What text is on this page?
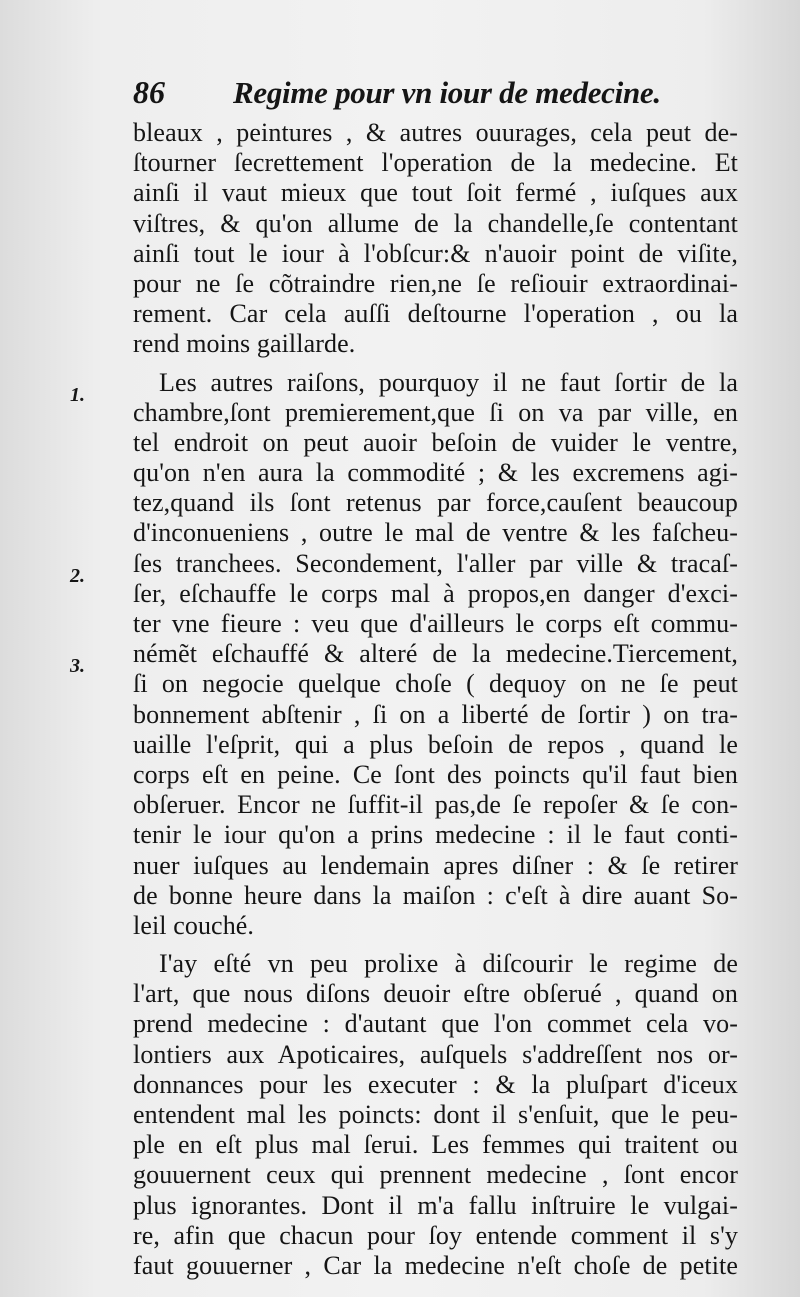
86	Regime pour vn iour de medecine.
1.
2.
3.
bleaux , peintures , & autres ouurages, cela peut de-
ſtourner ſecrettement l'operation de la medecine. Et
ainſi il vaut mieux que tout ſoit fermé , iuſques aux
viſtres, & qu'on allume de la chandelle,ſe contentant
ainſi tout le iour à l'obſcur:& n'auoir point de viſite,
pour ne ſe cõtraindre rien,ne ſe reſiouir extraordinai-
rement. Car cela auſſi deſtourne l'operation , ou la
rend moins gaillarde.
Les autres raiſons, pourquoy il ne faut ſortir de la
chambre,ſont premierement,que ſi on va par ville, en
tel endroit on peut auoir beſoin de vuider le ventre,
qu'on n'en aura la commodité ; & les excremens agi-
tez,quand ils ſont retenus par force,cauſent beaucoup
d'inconueniens , outre le mal de ventre & les faſcheu-
ſes tranchees. Secondement, l'aller par ville & tracaſ-
ſer, eſchauffe le corps mal à propos,en danger d'exci-
ter vne fieure : veu que d'ailleurs le corps eſt commu-
némẽt eſchauffé & alteré de la medecine.Tiercement,
ſi on negocie quelque choſe ( dequoy on ne ſe peut
bonnement abſtenir , ſi on a liberté de ſortir ) on tra-
uaille l'eſprit, qui a plus beſoin de repos , quand le
corps eſt en peine. Ce ſont des poincts qu'il faut bien
obſeruer. Encor ne ſuffit-il pas,de ſe repoſer & ſe con-
tenir le iour qu'on a prins medecine : il le faut conti-
nuer iuſques au lendemain apres diſner : & ſe retirer
de bonne heure dans la maiſon : c'eſt à dire auant So-
leil couché.
I'ay eſté vn peu prolixe à diſcourir le regime de
l'art, que nous diſons deuoir eſtre obſerué , quand on
prend medecine : d'autant que l'on commet cela vo-
lontiers aux Apoticaires, auſquels s'addreſſent nos or-
donnances pour les executer : & la pluſpart d'iceux
entendent mal les poincts: dont il s'enſuit, que le peu-
ple en eſt plus mal ſerui. Les femmes qui traitent ou
gouuernent ceux qui prennent medecine , ſont encor
plus ignorantes. Dont il m'a fallu inſtruire le vulgai-
re, afin que chacun pour ſoy entende comment il s'y
faut gouuerner , Car la medecine n'eſt choſe de petite
